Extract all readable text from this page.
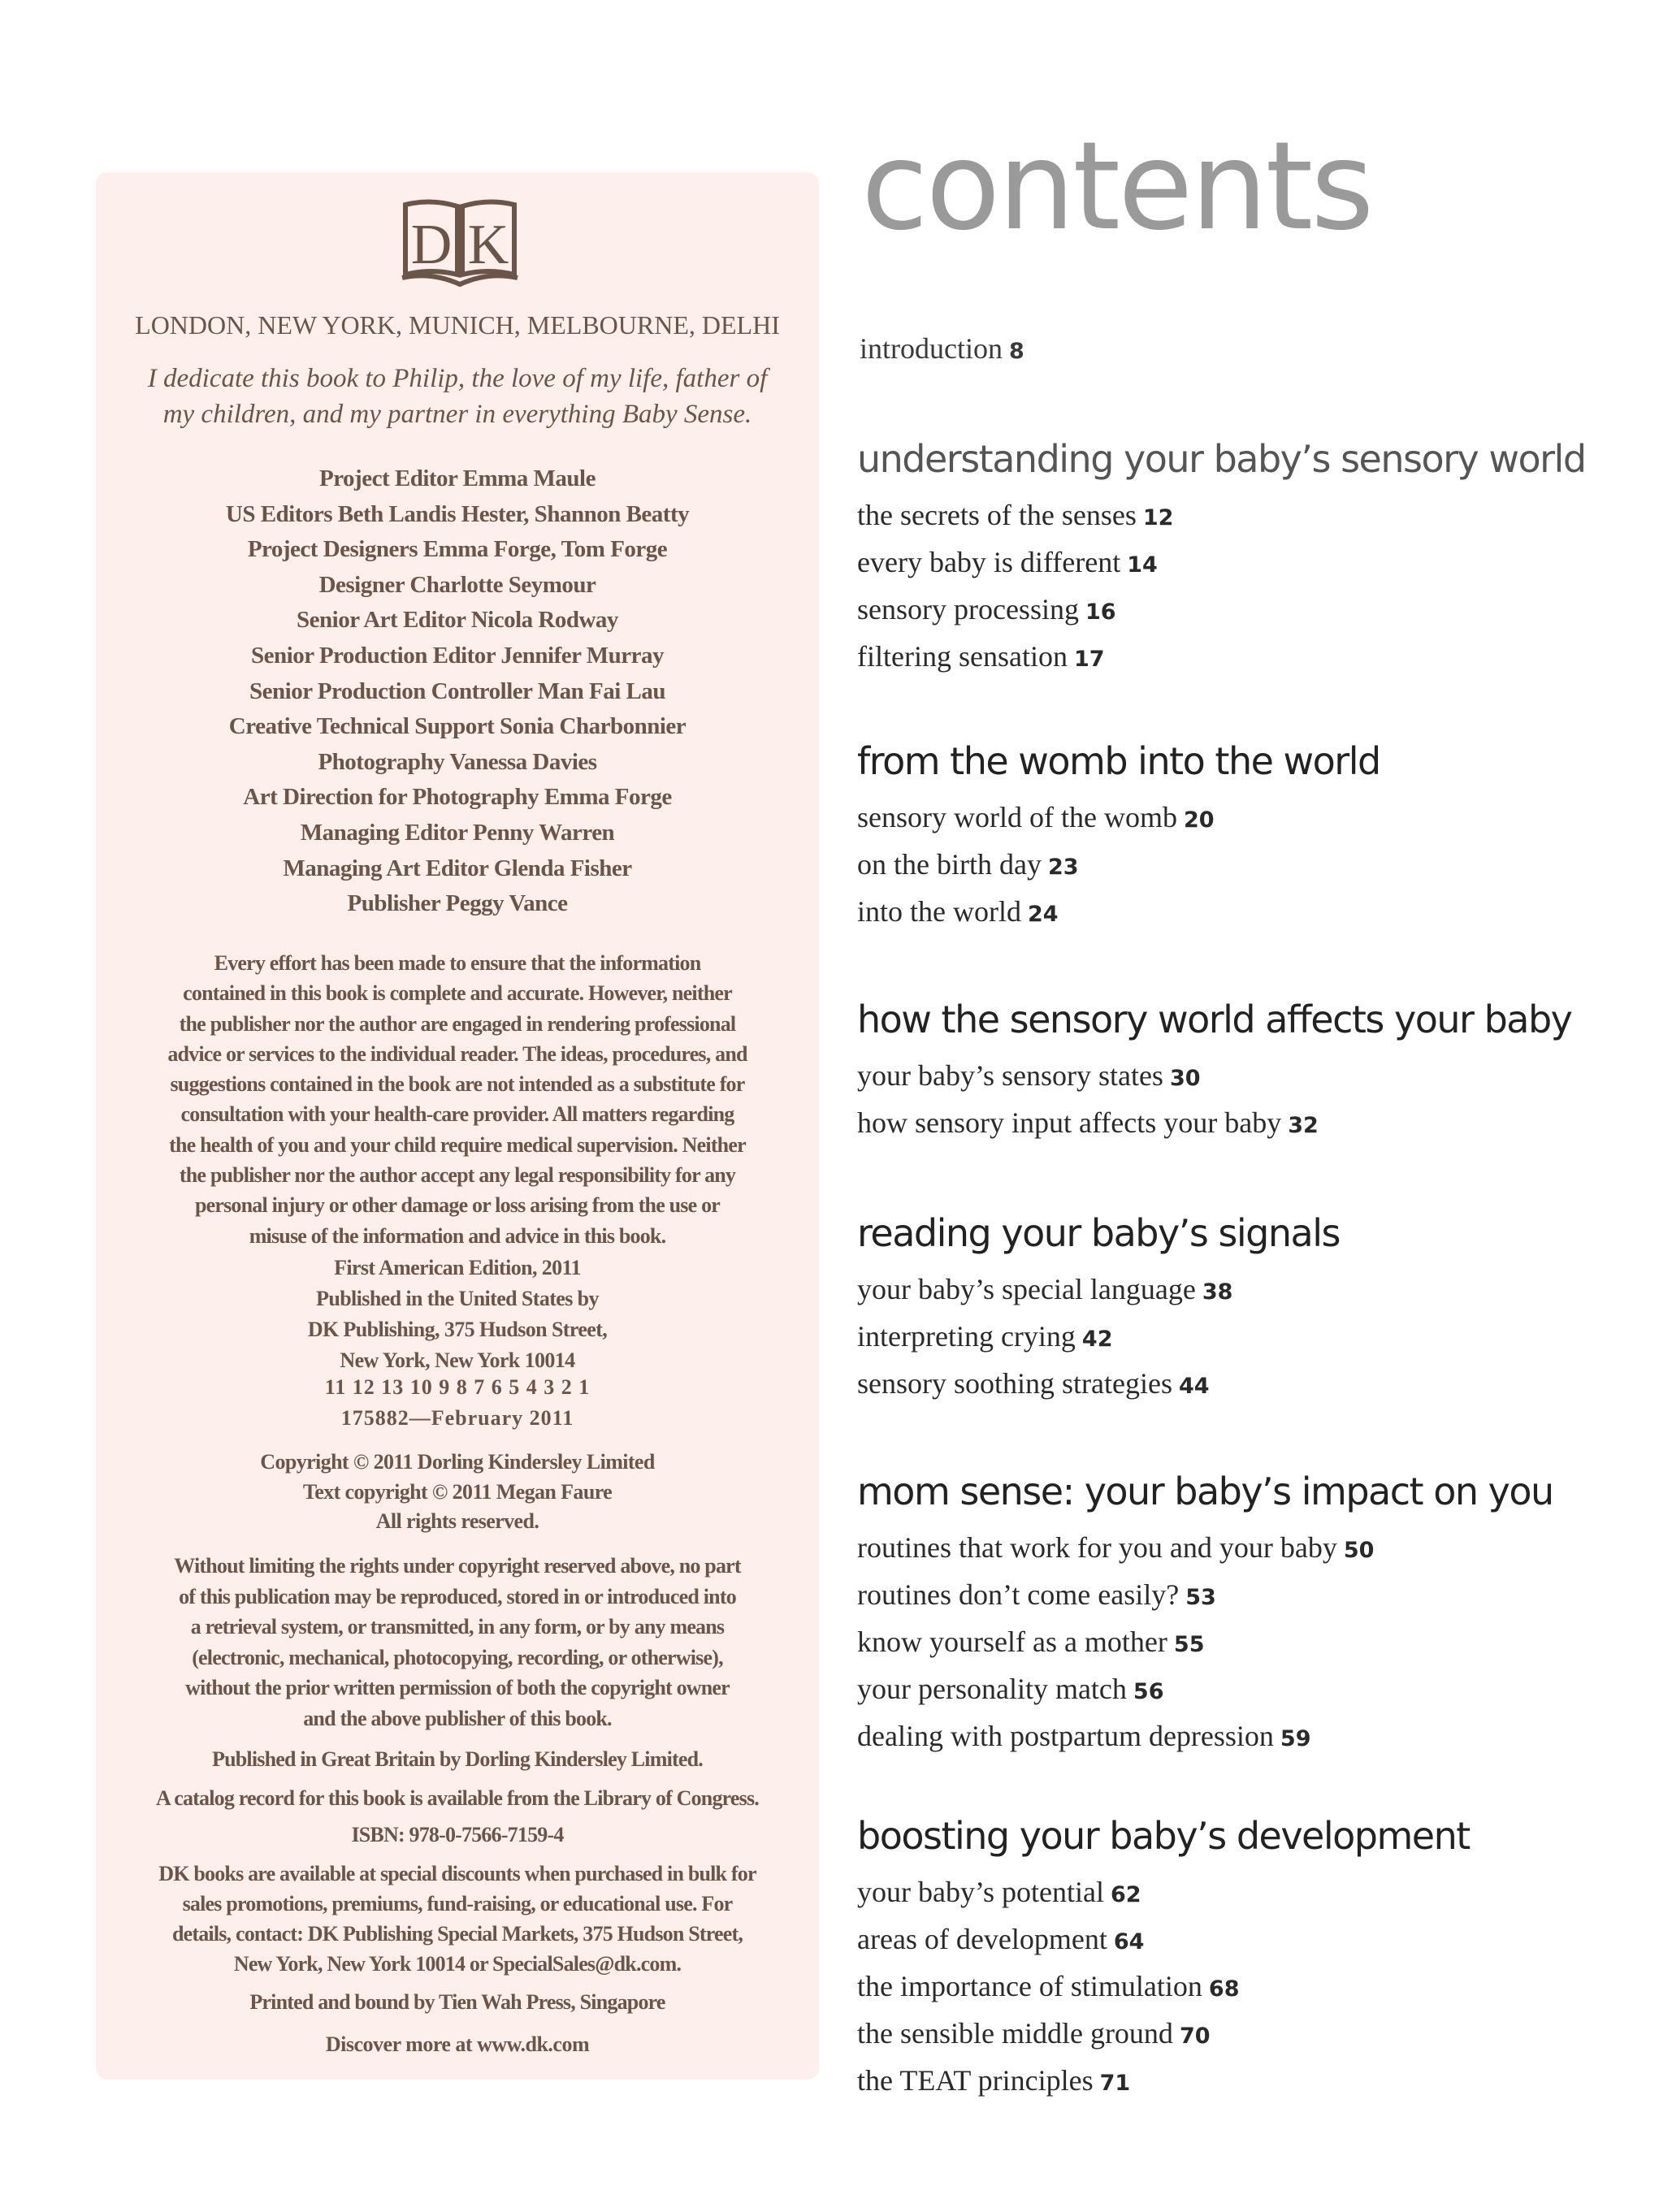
D K
LONDON, NEW YORK, MUNICH, MELBOURNE, DELHI
I dedicate this book to Philip, the love of my life, father of
my children, and my partner in everything Baby Sense.
Project Editor Emma Maule
US Editors Beth Landis Hester, Shannon Beatty
Project Designers Emma Forge, Tom Forge
Designer Charlotte Seymour
Senior Art Editor Nicola Rodway
Senior Production Editor Jennifer Murray
Senior Production Controller Man Fai Lau
Creative Technical Support Sonia Charbonnier
Photography Vanessa Davies
Art Direction for Photography Emma Forge
Managing Editor Penny Warren
Managing Art Editor Glenda Fisher
Publisher Peggy Vance
Every effort has been made to ensure that the information
contained in this book is complete and accurate. However, neither
the publisher nor the author are engaged in rendering professional
advice or services to the individual reader. The ideas, procedures, and
suggestions contained in the book are not intended as a substitute for
consultation with your health-care provider. All matters regarding
the health of you and your child require medical supervision. Neither
the publisher nor the author accept any legal responsibility for any
personal injury or other damage or loss arising from the use or
misuse of the information and advice in this book.
First American Edition, 2011
Published in the United States by
DK Publishing, 375 Hudson Street,
New York, New York 10014
11 12 13 10 9 8 7 6 5 4 3 2 1
175882—February 2011
Copyright © 2011 Dorling Kindersley Limited
Text copyright © 2011 Megan Faure
All rights reserved.
Without limiting the rights under copyright reserved above, no part
of this publication may be reproduced, stored in or introduced into
a retrieval system, or transmitted, in any form, or by any means
(electronic, mechanical, photocopying, recording, or otherwise),
without the prior written permission of both the copyright owner
and the above publisher of this book.
Published in Great Britain by Dorling Kindersley Limited.
A catalog record for this book is available from the Library of Congress.
ISBN: 978-0-7566-7159-4
DK books are available at special discounts when purchased in bulk for
sales promotions, premiums, fund-raising, or educational use. For
details, contact: DK Publishing Special Markets, 375 Hudson Street,
New York, New York 10014 or SpecialSales@dk.com.
Printed and bound by Tien Wah Press, Singapore
Discover more at www.dk.com
contents
introduction 8
understanding your baby’s sensory world
the secrets of the senses 12
every baby is different 14
sensory processing 16
filtering sensation 17
from the womb into the world
sensory world of the womb 20
on the birth day 23
into the world 24
how the sensory world affects your baby
your baby’s sensory states 30
how sensory input affects your baby 32
reading your baby’s signals
your baby’s special language 38
interpreting crying 42
sensory soothing strategies 44
mom sense: your baby’s impact on you
routines that work for you and your baby 50
routines don’t come easily? 53
know yourself as a mother 55
your personality match 56
dealing with postpartum depression 59
boosting your baby’s development
your baby’s potential 62
areas of development 64
the importance of stimulation 68
the sensible middle ground 70
the TEAT principles 71
